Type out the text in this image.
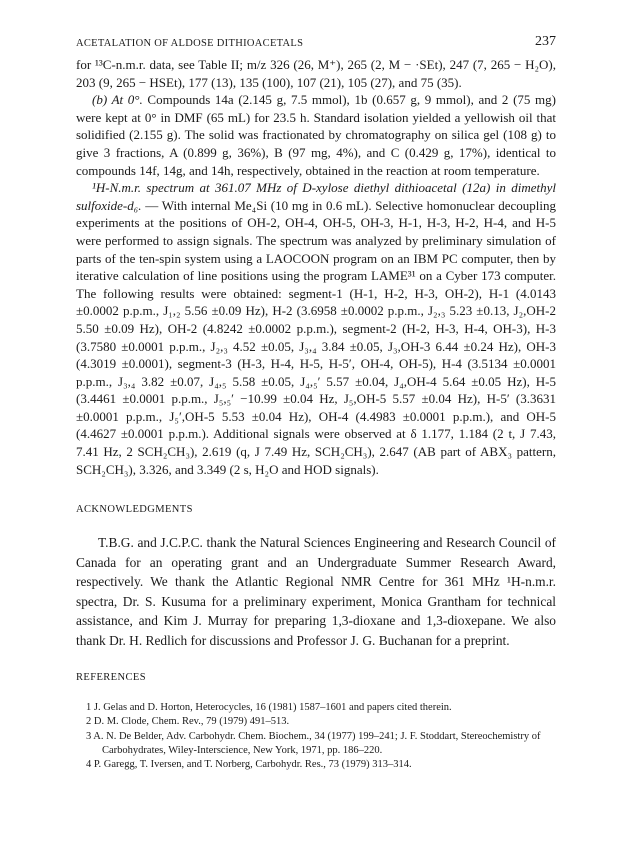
ACETALATION OF ALDOSE DITHIOACETALS	237

for ¹³C-n.m.r. data, see Table II; m/z 326 (26, M⁺), 265 (2, M − ·SEt), 247 (7, 265 − H₂O), 203 (9, 265 − HSEt), 177 (13), 135 (100), 107 (21), 105 (27), and 75 (35).

(b) At 0°. Compounds 14a (2.145 g, 7.5 mmol), 1b (0.657 g, 9 mmol), and 2 (75 mg) were kept at 0° in DMF (65 mL) for 23.5 h. Standard isolation yielded a yellowish oil that solidified (2.155 g). The solid was fractionated by chromatography on silica gel (108 g) to give 3 fractions, A (0.899 g, 36%), B (97 mg, 4%), and C (0.429 g, 17%), identical to compounds 14f, 14g, and 14h, respectively, obtained in the reaction at room temperature.

¹H-N.m.r. spectrum at 361.07 MHz of D-xylose diethyl dithioacetal (12a) in dimethyl sulfoxide-d₆. — With internal Me₄Si (10 mg in 0.6 mL). Selective homonuclear decoupling experiments at the positions of OH-2, OH-4, OH-5, OH-3, H-1, H-3, H-2, H-4, and H-5 were performed to assign signals. The spectrum was analyzed by preliminary simulation of parts of the ten-spin system using a LAOCOON program on an IBM PC computer, then by iterative calculation of line positions using the program LAME³¹ on a Cyber 173 computer. The following results were obtained: segment-1 (H-1, H-2, H-3, OH-2), H-1 (4.0143 ±0.0002 p.p.m., J₁,₂ 5.56 ±0.09 Hz), H-2 (3.6958 ±0.0002 p.p.m., J₂,₃ 5.23 ±0.13, J₂,OH-2 5.50 ±0.09 Hz), OH-2 (4.8242 ±0.0002 p.p.m.), segment-2 (H-2, H-3, H-4, OH-3), H-3 (3.7580 ±0.0001 p.p.m., J₂,₃ 4.52 ±0.05, J₃,₄ 3.84 ±0.05, J₃,OH-3 6.44 ±0.24 Hz), OH-3 (4.3019 ±0.0001), segment-3 (H-3, H-4, H-5, H-5′, OH-4, OH-5), H-4 (3.5134 ±0.0001 p.p.m., J₃,₄ 3.82 ±0.07, J₄,₅ 5.58 ±0.05, J₄,₅′ 5.57 ±0.04, J₄,OH-4 5.64 ±0.05 Hz), H-5 (3.4461 ±0.0001 p.p.m., J₅,₅′ −10.99 ±0.04 Hz, J₅,OH-5 5.57 ±0.04 Hz), H-5′ (3.3631 ±0.0001 p.p.m., J₅′,OH-5 5.53 ±0.04 Hz), OH-4 (4.4983 ±0.0001 p.p.m.), and OH-5 (4.4627 ±0.0001 p.p.m.). Additional signals were observed at δ 1.177, 1.184 (2 t, J 7.43, 7.41 Hz, 2 SCH₂CH₃), 2.619 (q, J 7.49 Hz, SCH₂CH₃), 2.647 (AB part of ABX₃ pattern, SCH₂CH₃), 3.326, and 3.349 (2 s, H₂O and HOD signals).

ACKNOWLEDGMENTS

T.B.G. and J.C.P.C. thank the Natural Sciences Engineering and Research Council of Canada for an operating grant and an Undergraduate Summer Research Award, respectively. We thank the Atlantic Regional NMR Centre for 361 MHz ¹H-n.m.r. spectra, Dr. S. Kusuma for a preliminary experiment, Monica Grantham for technical assistance, and Kim J. Murray for preparing 1,3-dioxane and 1,3-dioxepane. We also thank Dr. H. Redlich for discussions and Professor J. G. Buchanan for a preprint.

REFERENCES

1 J. Gelas and D. Horton, Heterocycles, 16 (1981) 1587–1601 and papers cited therein.

2 D. M. Clode, Chem. Rev., 79 (1979) 491–513.

3 A. N. De Belder, Adv. Carbohydr. Chem. Biochem., 34 (1977) 199–241; J. F. Stoddart, Stereochemistry of Carbohydrates, Wiley-Interscience, New York, 1971, pp. 186–220.

4 P. Garegg, T. Iversen, and T. Norberg, Carbohydr. Res., 73 (1979) 313–314.
